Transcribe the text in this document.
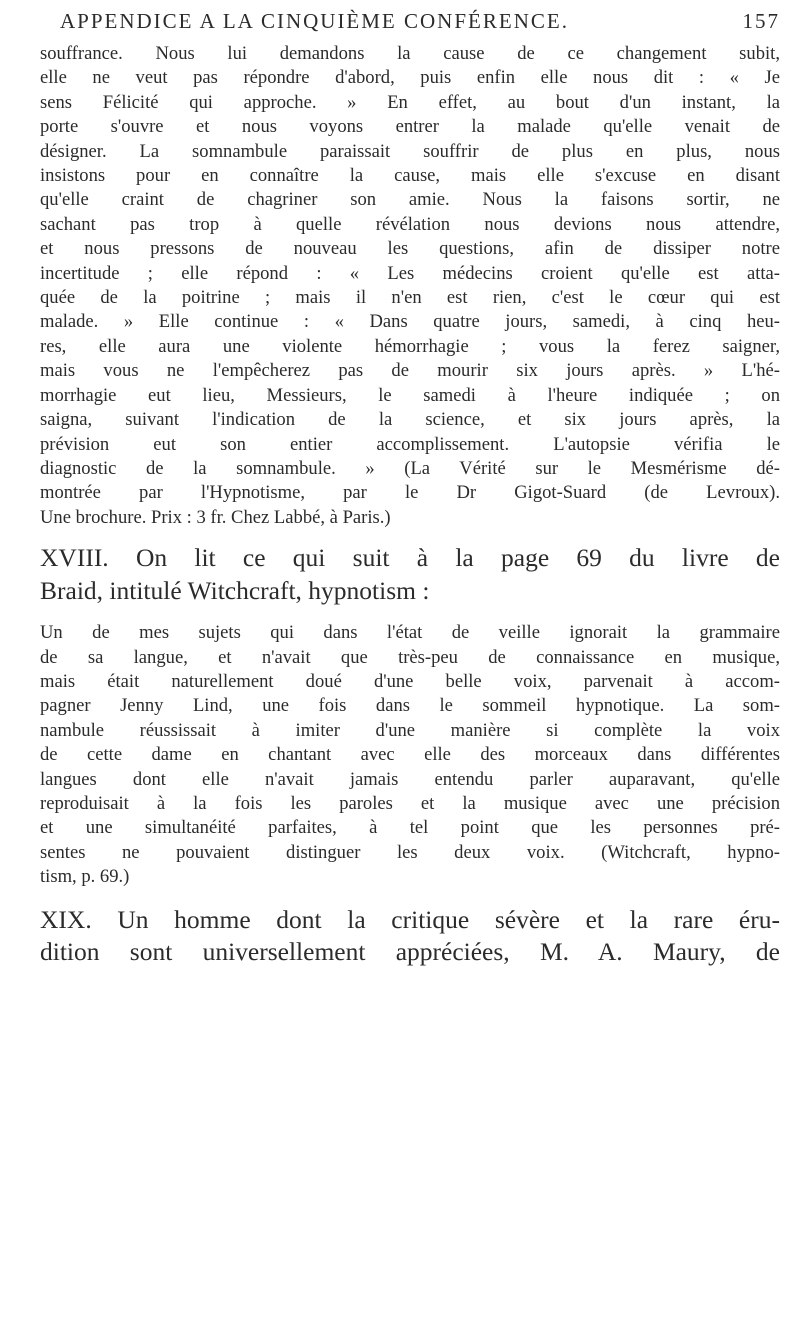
APPENDICE A LA CINQUIÈME CONFÉRENCE.	157

souffrance. Nous lui demandons la cause de ce changement subit,

elle ne veut pas répondre d'abord, puis enfin elle nous dit : « Je

sens Félicité qui approche. » En effet, au bout d'un instant, la

porte s'ouvre et nous voyons entrer la malade qu'elle venait de

désigner. La somnambule paraissait souffrir de plus en plus, nous

insistons pour en connaître la cause, mais elle s'excuse en disant

qu'elle craint de chagriner son amie. Nous la faisons sortir, ne

sachant pas trop à quelle révélation nous devions nous attendre,

et nous pressons de nouveau les questions, afin de dissiper notre

incertitude ; elle répond : « Les médecins croient qu'elle est atta-

quée de la poitrine ; mais il n'en est rien, c'est le cœur qui est

malade. » Elle continue : « Dans quatre jours, samedi, à cinq heu-

res, elle aura une violente hémorrhagie ; vous la ferez saigner,

mais vous ne l'empêcherez pas de mourir six jours après. » L'hé-

morrhagie eut lieu, Messieurs, le samedi à l'heure indiquée ; on

saigna, suivant l'indication de la science, et six jours après, la

prévision eut son entier accomplissement. L'autopsie vérifia le

diagnostic de la somnambule. » (La Vérité sur le Mesmérisme dé-

montrée par l'Hypnotisme, par le Dr Gigot-Suard (de Levroux).

Une brochure. Prix : 3 fr. Chez Labbé, à Paris.)

XVIII. On lit ce qui suit à la page 69 du livre de

Braid, intitulé Witchcraft, hypnotism :

Un de mes sujets qui dans l'état de veille ignorait la grammaire

de sa langue, et n'avait que très-peu de connaissance en musique,

mais était naturellement doué d'une belle voix, parvenait à accom-

pagner Jenny Lind, une fois dans le sommeil hypnotique. La som-

nambule réussissait à imiter d'une manière si complète la voix

de cette dame en chantant avec elle des morceaux dans différentes

langues dont elle n'avait jamais entendu parler auparavant, qu'elle

reproduisait à la fois les paroles et la musique avec une précision

et une simultanéité parfaites, à tel point que les personnes pré-

sentes ne pouvaient distinguer les deux voix. (Witchcraft, hypno-

tism, p. 69.)

XIX. Un homme dont la critique sévère et la rare éru-

dition sont universellement appréciées, M. A. Maury, de
